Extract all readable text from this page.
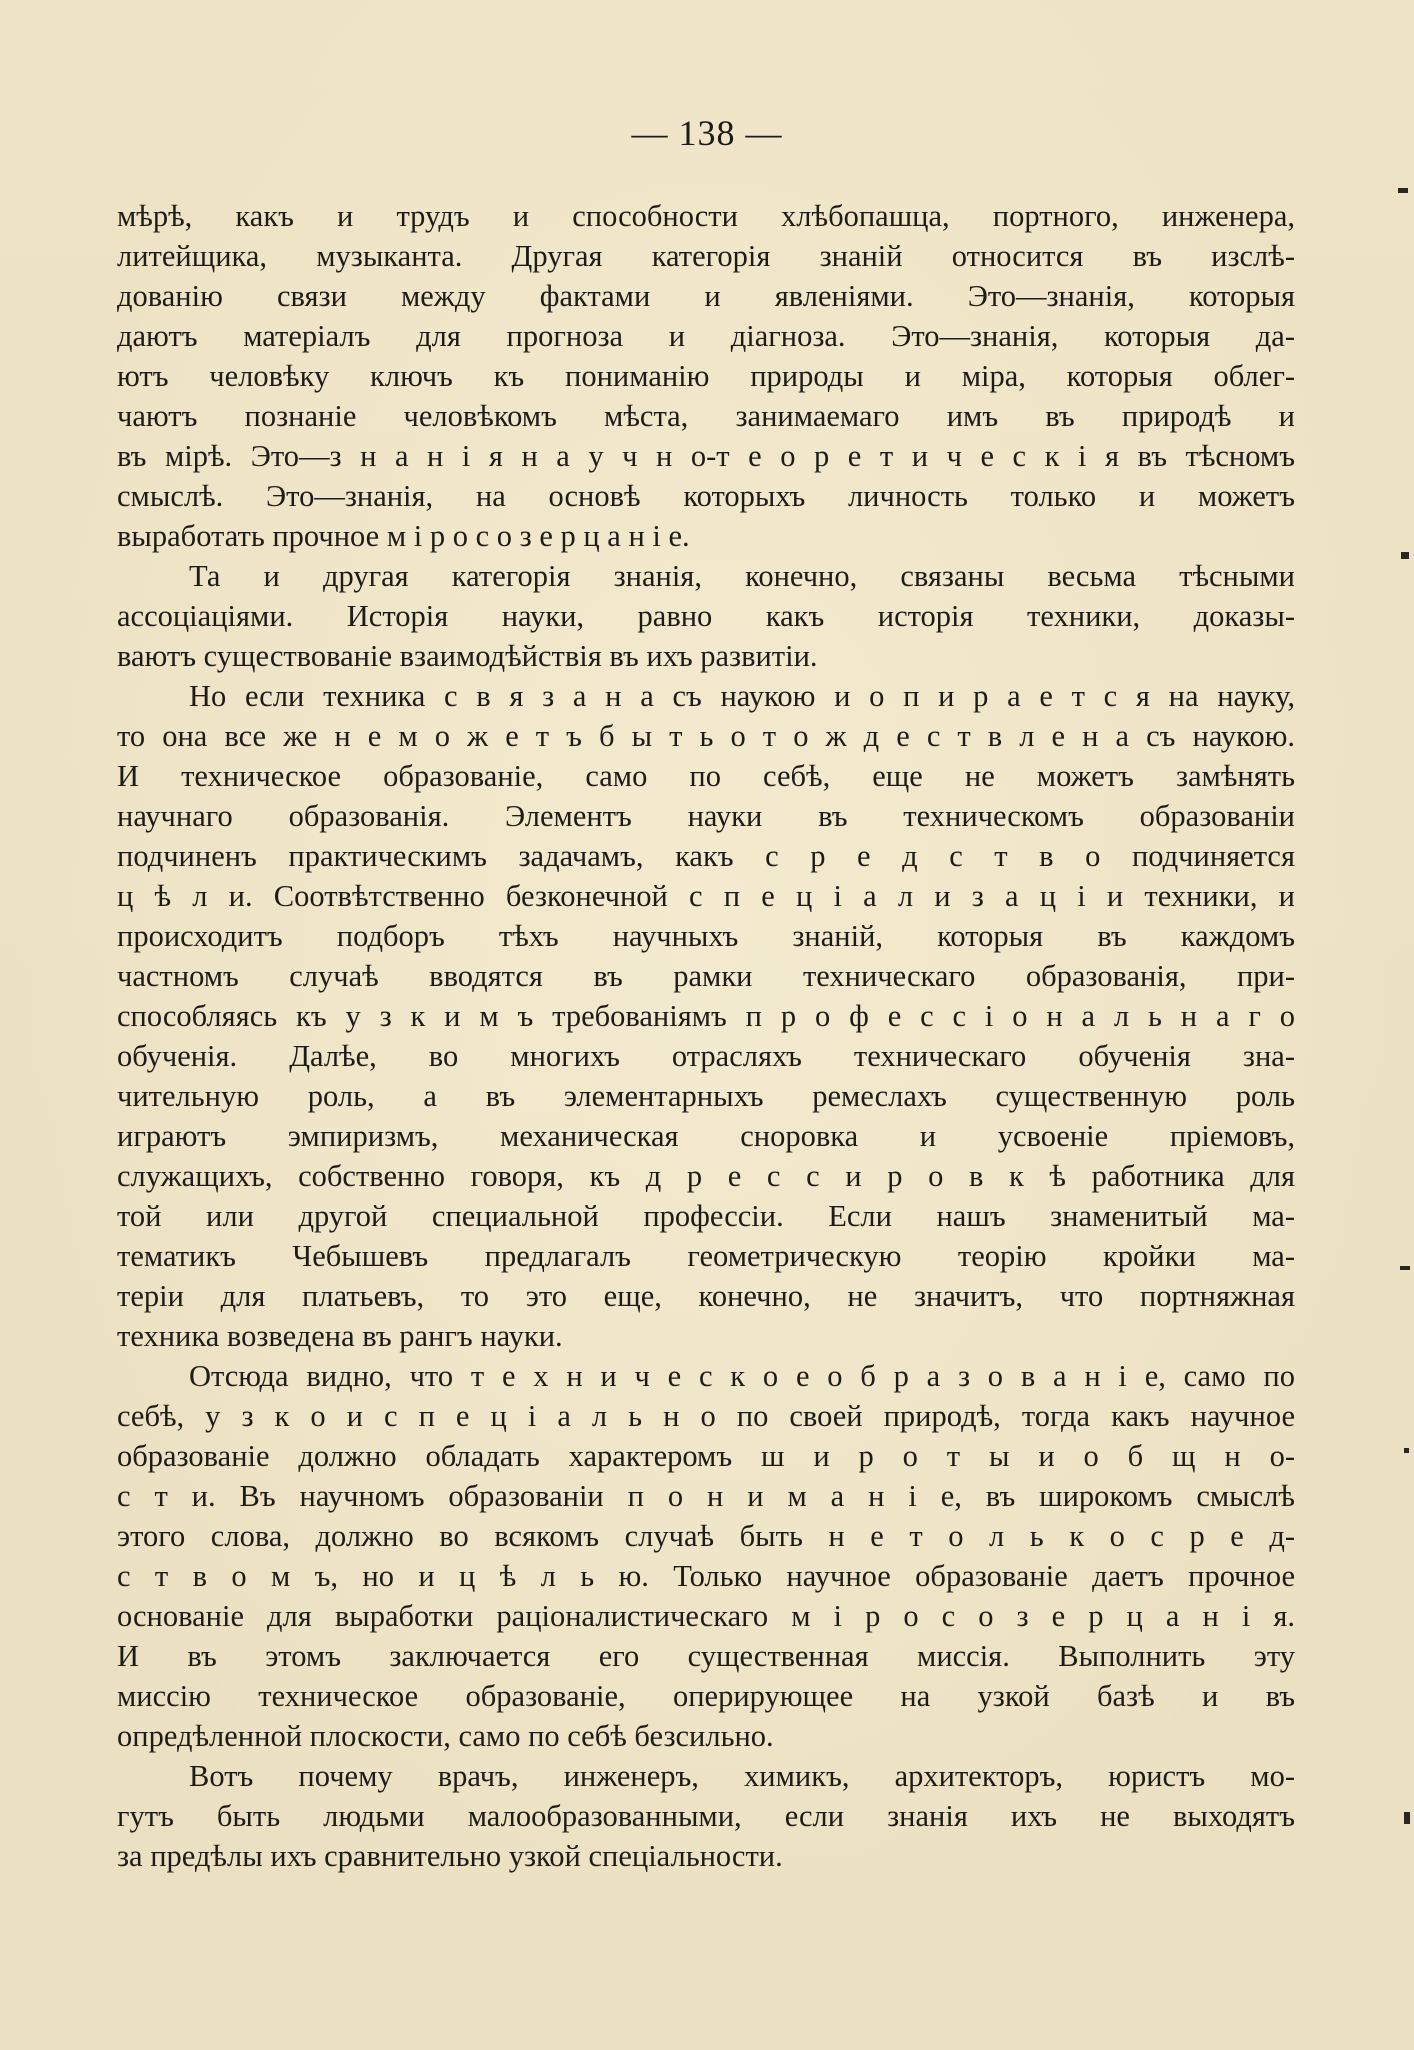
— 138 —
мѣрѣ, какъ и трудъ и способности хлѣбопашца, портного, инженера,
литейщика, музыканта. Другая категорія знаній относится въ изслѣ-
дованію связи между фактами и явленіями. Это—знанія, которыя
даютъ матеріалъ для прогноза и діагноза. Это—знанія, которыя да-
ютъ человѣку ключъ къ пониманію природы и міра, которыя облег-
чаютъ познаніе человѣкомъ мѣста, занимаемаго имъ въ природѣ и
въ мірѣ. Это—з н а н і я н а у ч н о-т е о р е т и ч е с к і я въ тѣсномъ
смыслѣ. Это—знанія, на основѣ которыхъ личность только и можетъ
выработать прочное м і р о с о з е р ц а н і е.
Та и другая категорія знанія, конечно, связаны весьма тѣсными
ассоціаціями. Исторія науки, равно какъ исторія техники, доказы-
ваютъ существованіе взаимодѣйствія въ ихъ развитіи.
Но если техника с в я з а н а съ наукою и о п и р а е т с я на науку,
то она все же н е м о ж е т ъ б ы т ь о т о ж д е с т в л е н а съ наукою.
И техническое образованіе, само по себѣ, еще не можетъ замѣнять
научнаго образованія. Элементъ науки въ техническомъ образованіи
подчиненъ практическимъ задачамъ, какъ с р е д с т в о подчиняется
ц ѣ л и. Соотвѣтственно безконечной с п е ц і а л и з а ц і и техники, и
происходитъ подборъ тѣхъ научныхъ знаній, которыя въ каждомъ
частномъ случаѣ вводятся въ рамки техническаго образованія, при-
способляясь къ у з к и м ъ требованіямъ п р о ф е с с і о н а л ь н а г о
обученія. Далѣе, во многихъ отрасляхъ техническаго обученія зна-
чительную роль, а въ элементарныхъ ремеслахъ существенную роль
играютъ эмпиризмъ, механическая сноровка и усвоеніе пріемовъ,
служащихъ, собственно говоря, къ д р е с с и р о в к ѣ работника для
той или другой специальной профессіи. Если нашъ знаменитый ма-
тематикъ Чебышевъ предлагалъ геометрическую теорію кройки ма-
теріи для платьевъ, то это еще, конечно, не значитъ, что портняжная
техника возведена въ рангъ науки.
Отсюда видно, что т е х н и ч е с к о е о б р а з о в а н і е, само по
себѣ, у з к о и с п е ц і а л ь н о по своей природѣ, тогда какъ научное
образованіе должно обладать характеромъ ш и р о т ы и о б щ н о-
с т и. Въ научномъ образованіи п о н и м а н і е, въ широкомъ смыслѣ
этого слова, должно во всякомъ случаѣ быть н е т о л ь к о с р е д-
с т в о м ъ, но и ц ѣ л ь ю. Только научное образованіе даетъ прочное
основаніе для выработки раціоналистическаго м і р о с о з е р ц а н і я.
И въ этомъ заключается его существенная миссія. Выполнить эту
миссію техническое образованіе, оперирующее на узкой базѣ и въ
опредѣленной плоскости, само по себѣ безсильно.
Вотъ почему врачъ, инженеръ, химикъ, архитекторъ, юристъ мо-
гутъ быть людьми малообразованными, если знанія ихъ не выходятъ
за предѣлы ихъ сравнительно узкой спеціальности.
